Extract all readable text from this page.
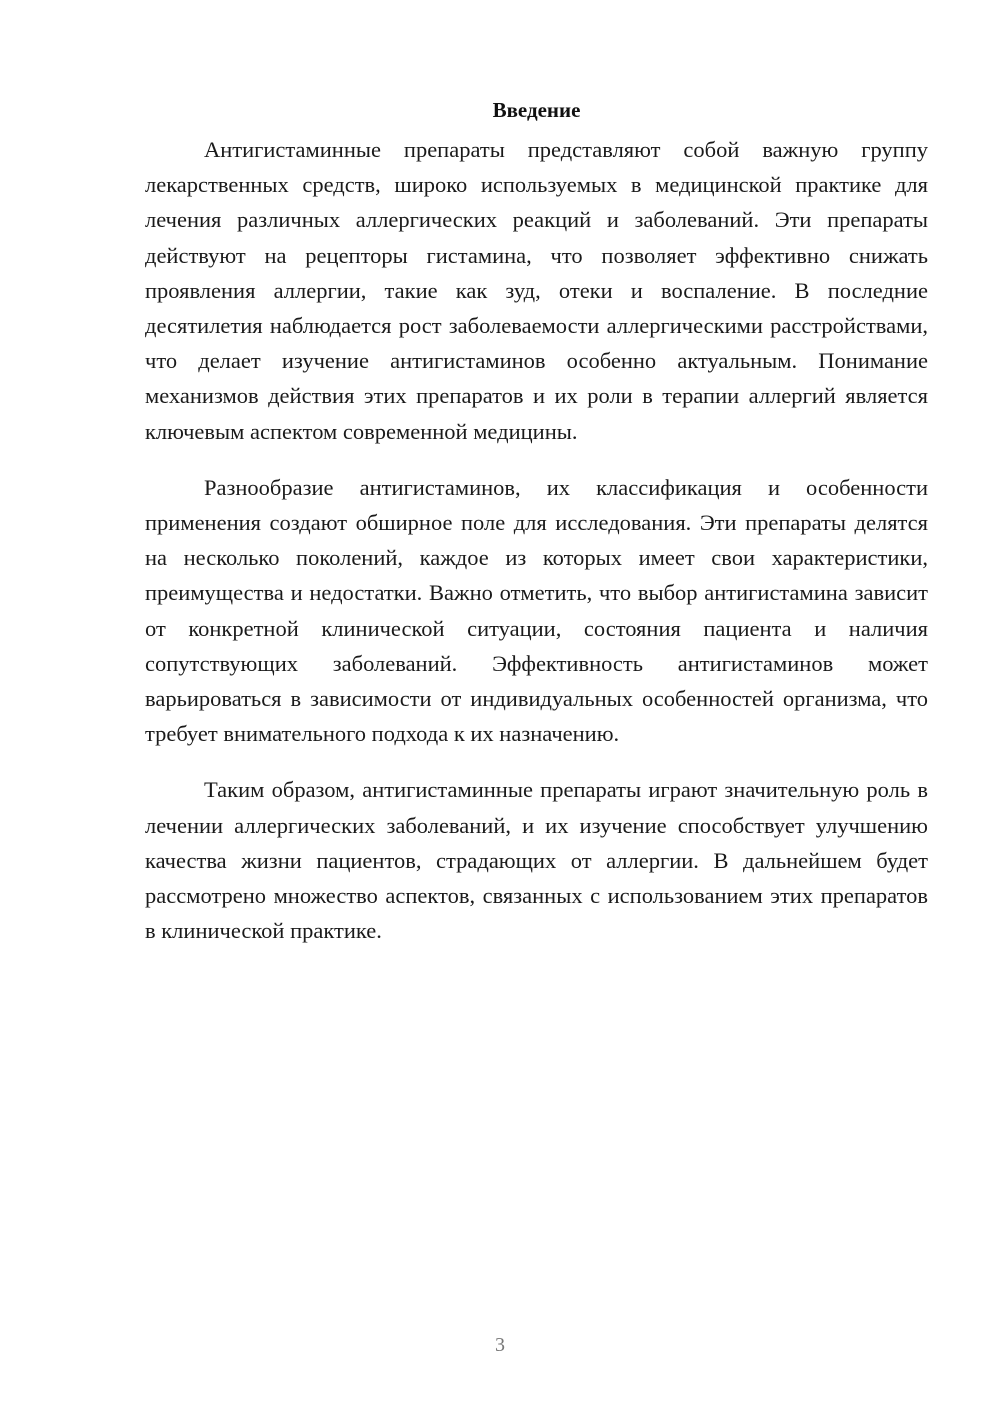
Введение

Антигистаминные препараты представляют собой важную группу лекарственных средств, широко используемых в медицинской практике для лечения различных аллергических реакций и заболеваний. Эти препараты действуют на рецепторы гистамина, что позволяет эффективно снижать проявления аллергии, такие как зуд, отеки и воспаление. В последние десятилетия наблюдается рост заболеваемости аллергическими расстройствами, что делает изучение антигистаминов особенно актуальным. Понимание механизмов действия этих препаратов и их роли в терапии аллергий является ключевым аспектом современной медицины.

Разнообразие антигистаминов, их классификация и особенности применения создают обширное поле для исследования. Эти препараты делятся на несколько поколений, каждое из которых имеет свои характеристики, преимущества и недостатки. Важно отметить, что выбор антигистамина зависит от конкретной клинической ситуации, состояния пациента и наличия сопутствующих заболеваний. Эффективность антигистаминов может варьироваться в зависимости от индивидуальных особенностей организма, что требует внимательного подхода к их назначению.

Таким образом, антигистаминные препараты играют значительную роль в лечении аллергических заболеваний, и их изучение способствует улучшению качества жизни пациентов, страдающих от аллергии. В дальнейшем будет рассмотрено множество аспектов, связанных с использованием этих препаратов в клинической практике.

3
